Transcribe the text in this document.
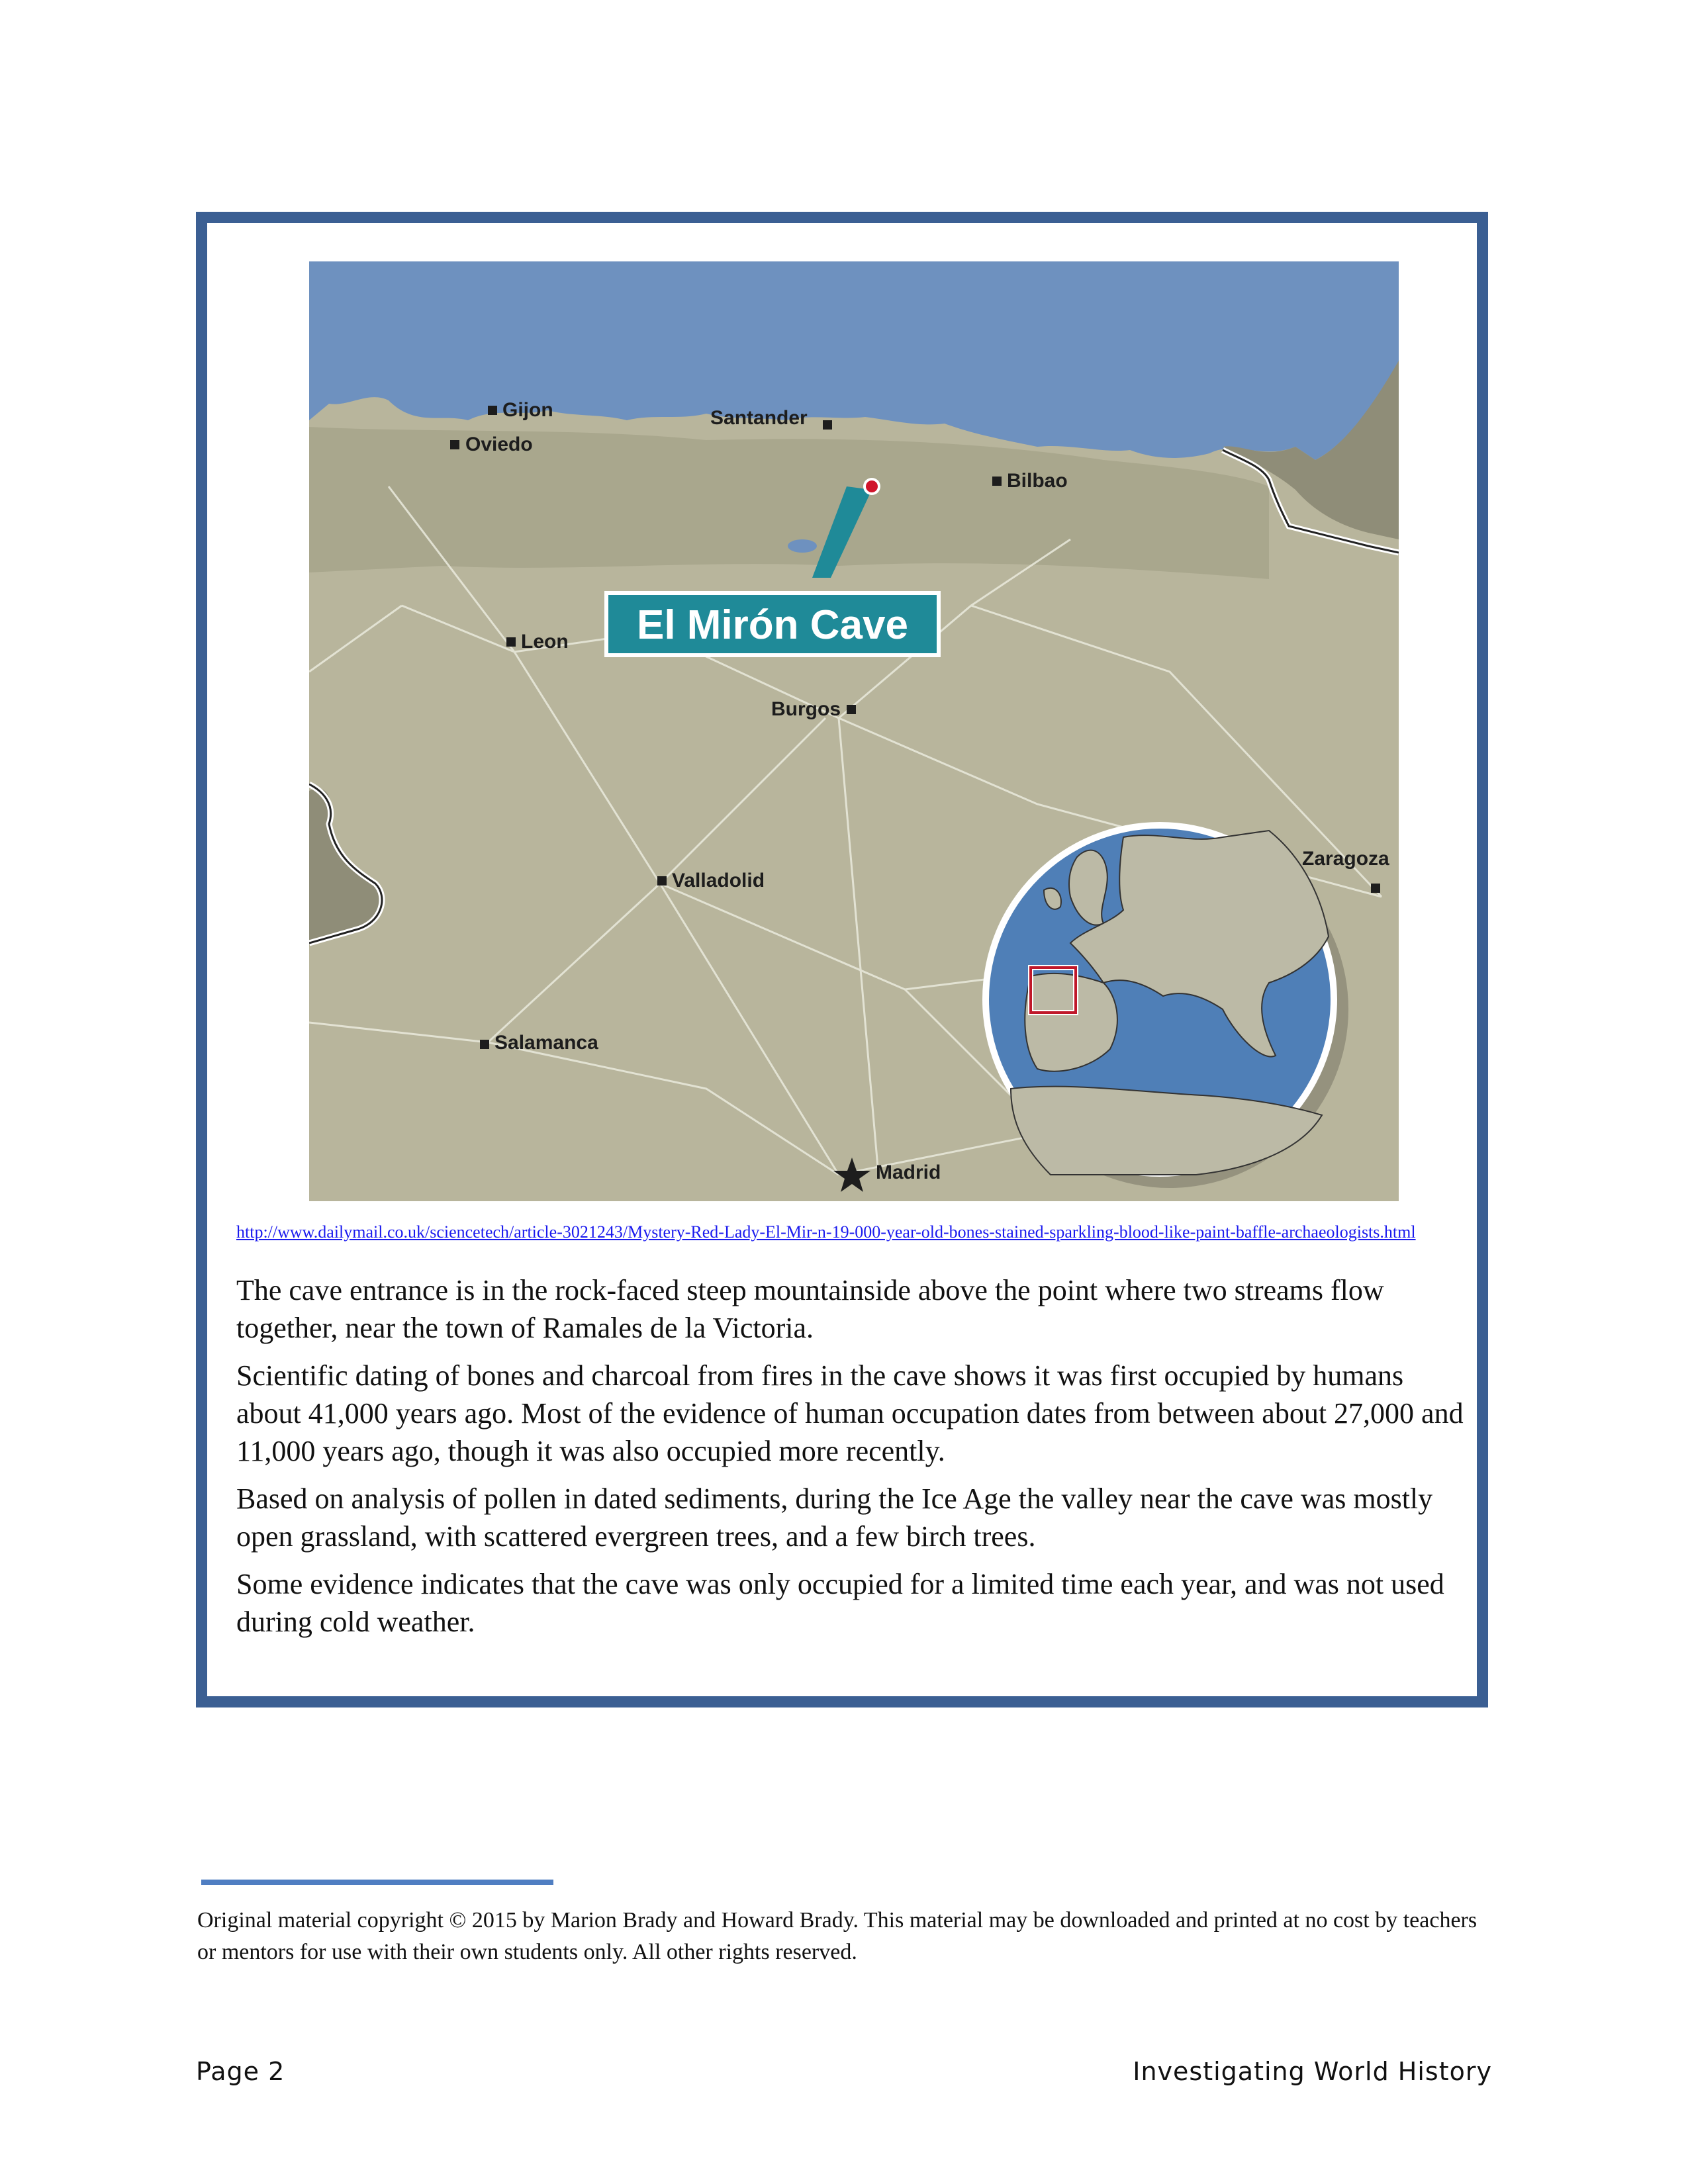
Gijon
Oviedo
Santander
Bilbao
Leon
Burgos
Valladolid
Zaragoza
Salamanca
Madrid
El Mirón Cave
http://www.dailymail.co.uk/sciencetech/article-3021243/Mystery-Red-Lady-El-Mir-n-19-000-year-old-bones-stained-sparkling-blood-like-paint-baffle-archaeologists.html

The cave entrance is in the rock-faced steep mountainside above the point where two streams flow together, near the town of Ramales de la Victoria.

Scientific dating of bones and charcoal from fires in the cave shows it was first occupied by humans about 41,000 years ago. Most of the evidence of human occupation dates from between about 27,000 and 11,000 years ago, though it was also occupied more recently.

Based on analysis of pollen in dated sediments, during the Ice Age the valley near the cave was mostly open grassland, with scattered evergreen trees, and a few birch trees.

Some evidence indicates that the cave was only occupied for a limited time each year, and was not used during cold weather.

Original material copyright © 2015 by Marion Brady and Howard Brady. This material may be downloaded and printed at no cost by teachers or mentors for use with their own students only. All other rights reserved.
Page 2	Investigating World History
